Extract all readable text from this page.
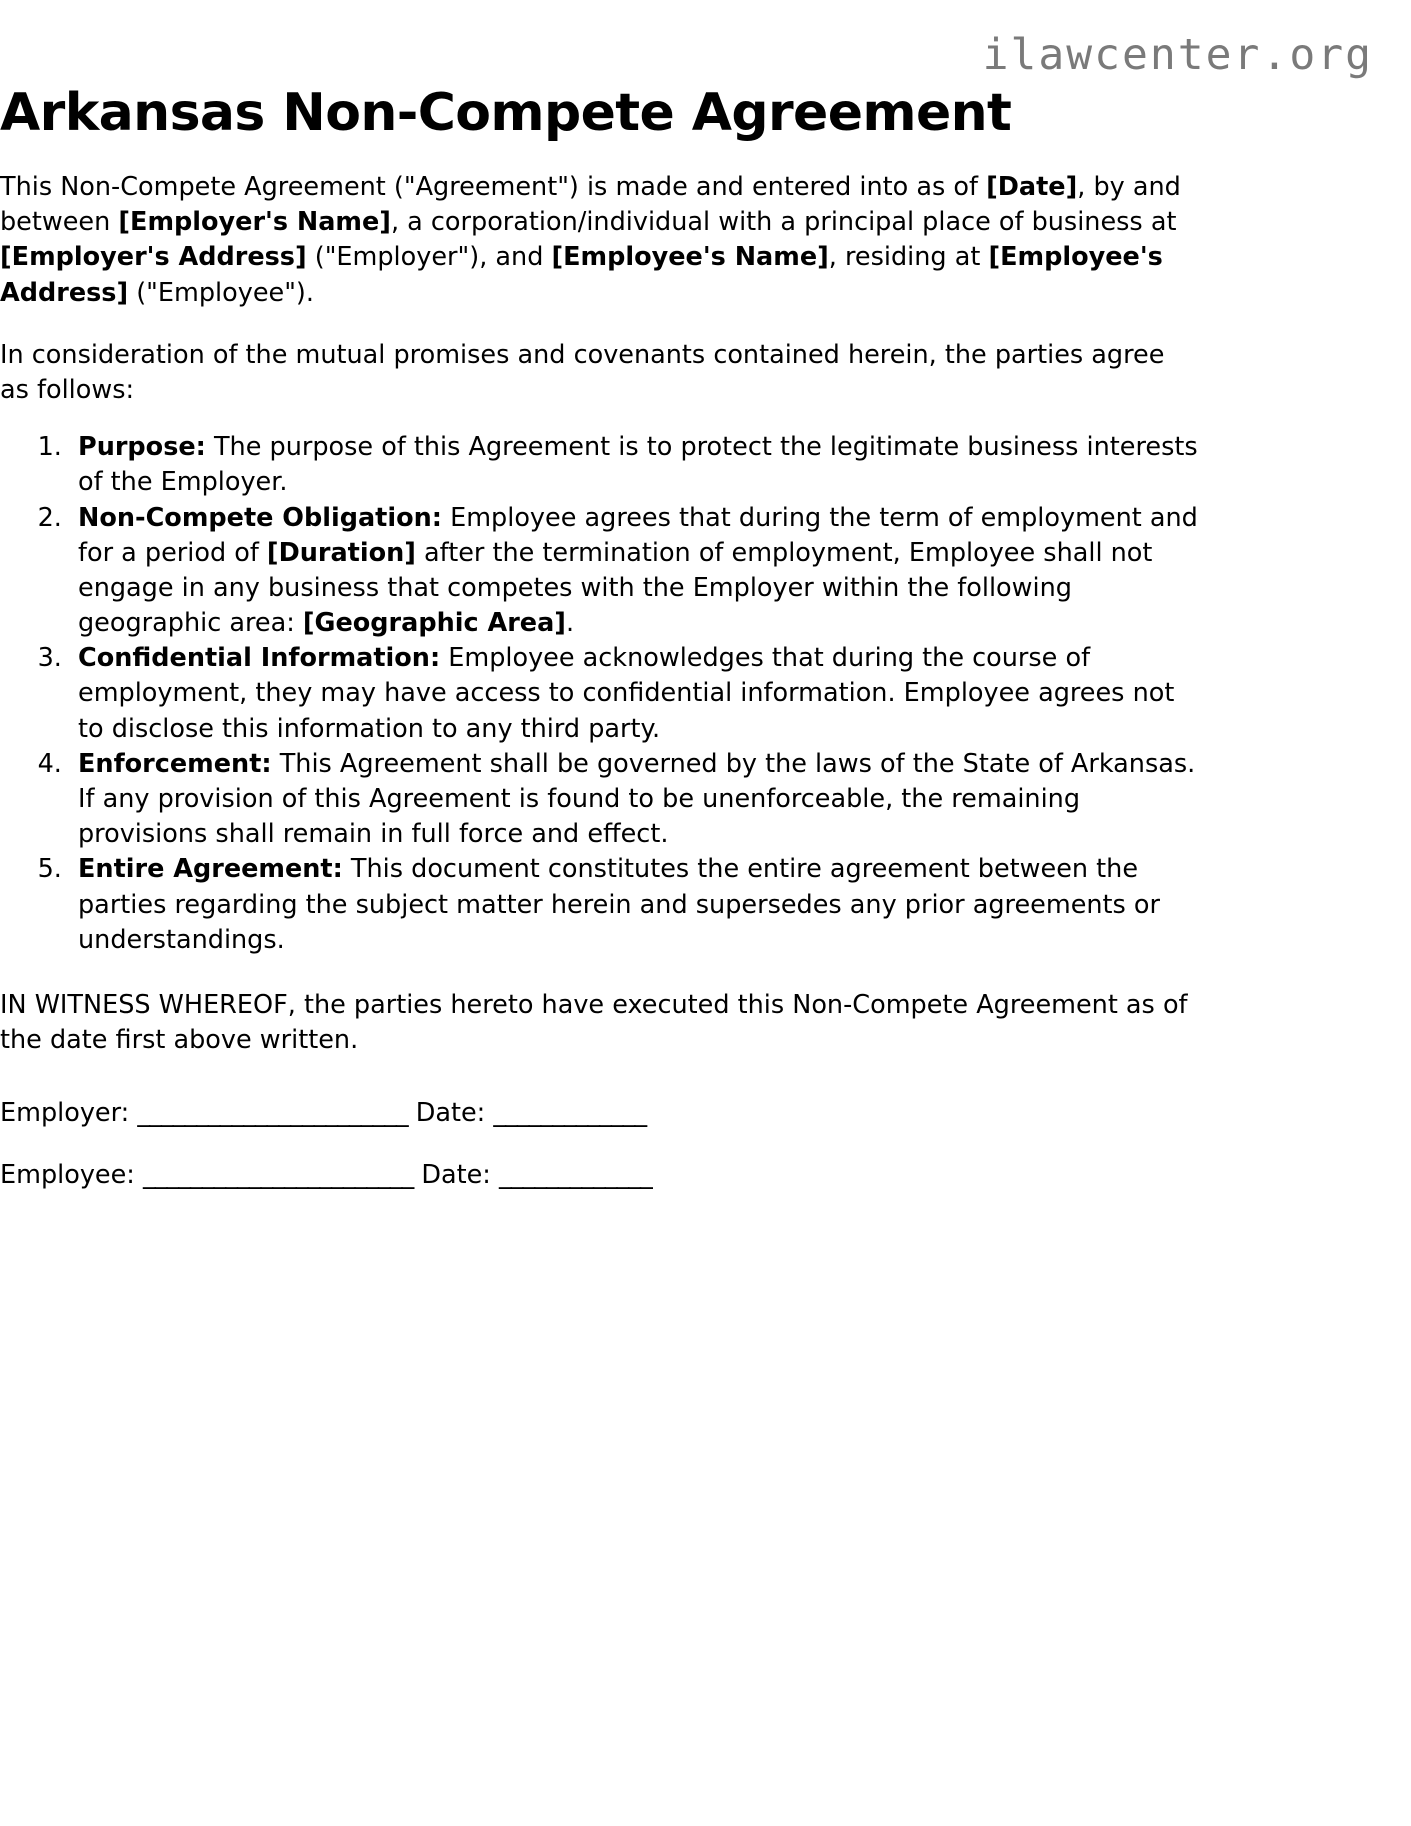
ilawcenter.org
Arkansas Non-Compete Agreement

This Non-Compete Agreement ("Agreement") is made and entered into as of [Date], by and between [Employer's Name], a corporation/individual with a principal place of business at [Employer's Address] ("Employer"), and [Employee's Name], residing at [Employee's Address] ("Employee").

In consideration of the mutual promises and covenants contained herein, the parties agree as follows:

1. Purpose: The purpose of this Agreement is to protect the legitimate business interests of the Employer.
2. Non-Compete Obligation: Employee agrees that during the term of employment and for a period of [Duration] after the termination of employment, Employee shall not engage in any business that competes with the Employer within the following geographic area: [Geographic Area].
3. Confidential Information: Employee acknowledges that during the course of employment, they may have access to confidential information. Employee agrees not to disclose this information to any third party.
4. Enforcement: This Agreement shall be governed by the laws of the State of Arkansas. If any provision of this Agreement is found to be unenforceable, the remaining provisions shall remain in full force and effect.
5. Entire Agreement: This document constitutes the entire agreement between the parties regarding the subject matter herein and supersedes any prior agreements or understandings.

IN WITNESS WHEREOF, the parties hereto have executed this Non-Compete Agreement as of the date first above written.

Employer: _______________________ Date: _____________
Employee: _______________________ Date: _____________
